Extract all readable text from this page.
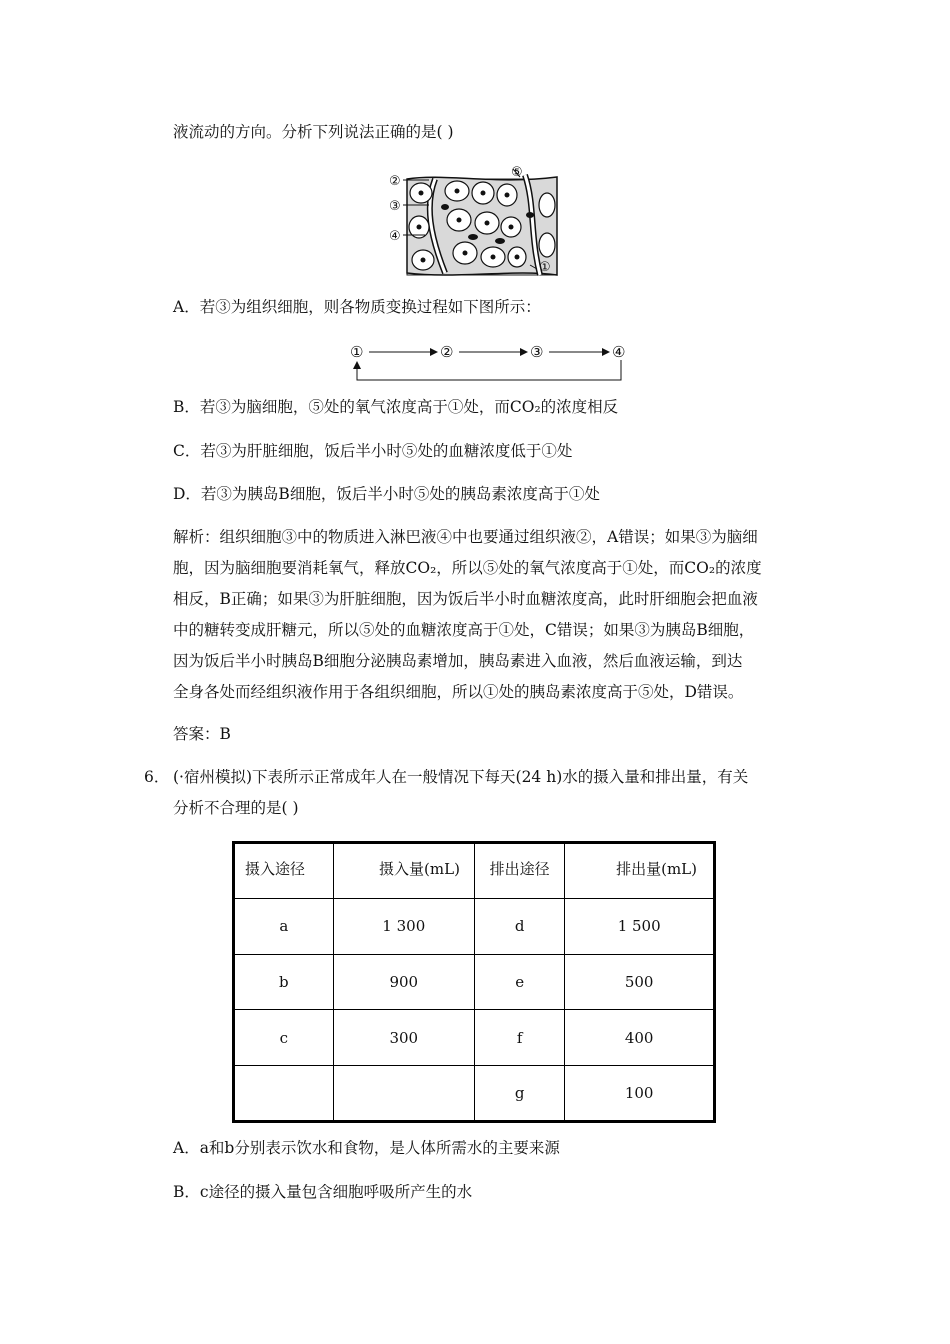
液流动的方向。分析下列说法正确的是( )
②
③
④
⑤
①
A．若③为组织细胞，则各物质变换过程如下图所示：
①	②	③	④
B．若③为脑细胞，⑤处的氧气浓度高于①处，而CO₂的浓度相反
C．若③为肝脏细胞，饭后半小时⑤处的血糖浓度低于①处
D．若③为胰岛B细胞，饭后半小时⑤处的胰岛素浓度高于①处
解析：组织细胞③中的物质进入淋巴液④中也要通过组织液②，A错误；如果③为脑细
胞，因为脑细胞要消耗氧气，释放CO₂，所以⑤处的氧气浓度高于①处，而CO₂的浓度
相反，B正确；如果③为肝脏细胞，因为饭后半小时血糖浓度高，此时肝细胞会把血液
中的糖转变成肝糖元，所以⑤处的血糖浓度高于①处，C错误；如果③为胰岛B细胞，
因为饭后半小时胰岛B细胞分泌胰岛素增加，胰岛素进入血液，然后血液运输，到达
全身各处而经组织液作用于各组织细胞，所以①处的胰岛素浓度高于⑤处，D错误。
答案：B
6． (·宿州模拟)下表所示正常成年人在一般情况下每天(24 h)水的摄入量和排出量，有关
分析不合理的是( )
摄入途径	摄入量(mL)	排出途径	排出量(mL)
a	1 300	d	1 500
b	900	e	500
c	300	f	400
		g	100
A．a和b分别表示饮水和食物，是人体所需水的主要来源
B．c途径的摄入量包含细胞呼吸所产生的水
